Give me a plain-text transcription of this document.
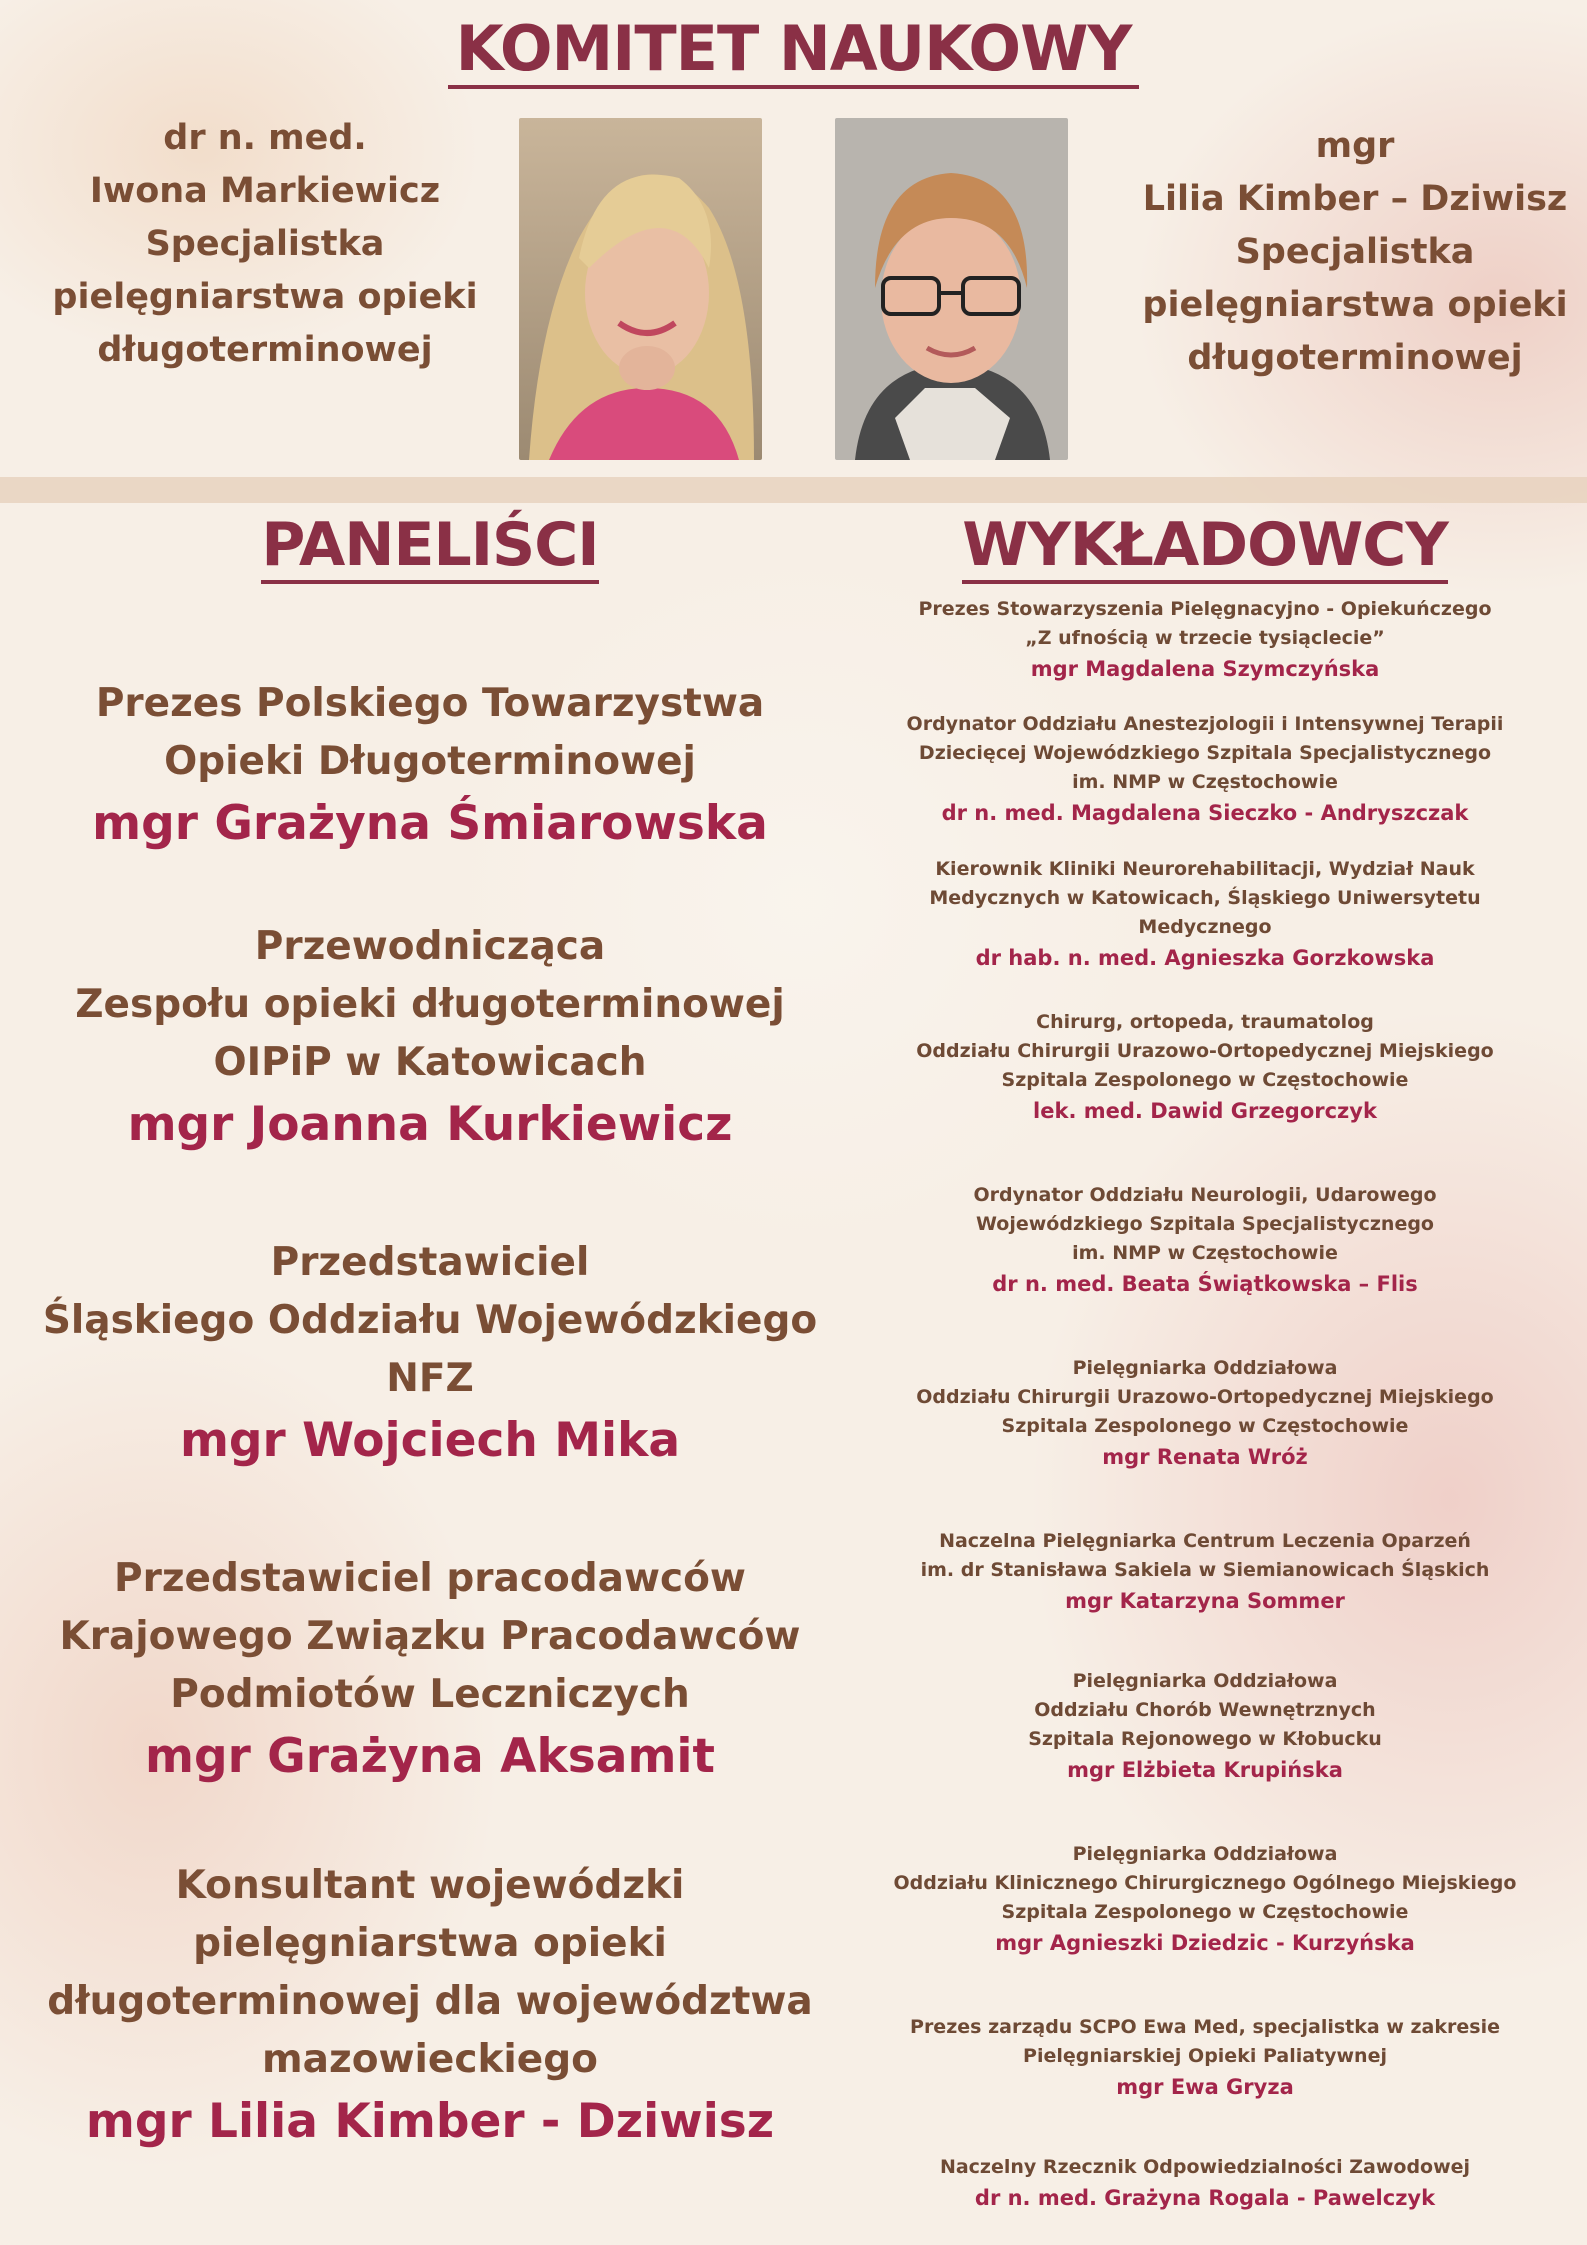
KOMITET NAUKOWY
dr n. med.
Iwona Markiewicz
Specjalistka
pielęgniarstwa opieki
długoterminowej
mgr
Lilia Kimber – Dziwisz
Specjalistka
pielęgniarstwa opieki
długoterminowej
PANELIŚCI	WYKŁADOWCY
Prezes Polskiego Towarzystwa
Opieki Długoterminowej
mgr Grażyna Śmiarowska
Przewodnicząca
Zespołu opieki długoterminowej
OIPiP w Katowicach
mgr Joanna Kurkiewicz
Przedstawiciel
Śląskiego Oddziału Wojewódzkiego
NFZ
mgr Wojciech Mika
Przedstawiciel pracodawców
Krajowego Związku Pracodawców
Podmiotów Leczniczych
mgr Grażyna Aksamit
Konsultant wojewódzki
pielęgniarstwa opieki
długoterminowej dla województwa
mazowieckiego
mgr Lilia Kimber - Dziwisz
Prezes Stowarzyszenia Pielęgnacyjno - Opiekuńczego
„Z ufnością w trzecie tysiąclecie”
mgr Magdalena Szymczyńska
Ordynator Oddziału Anestezjologii i Intensywnej Terapii
Dziecięcej Wojewódzkiego Szpitala Specjalistycznego
im. NMP w Częstochowie
dr n. med. Magdalena Sieczko - Andryszczak
Kierownik Kliniki Neurorehabilitacji, Wydział Nauk
Medycznych w Katowicach, Śląskiego Uniwersytetu
Medycznego
dr hab. n. med. Agnieszka Gorzkowska
Chirurg, ortopeda, traumatolog
Oddziału Chirurgii Urazowo-Ortopedycznej Miejskiego
Szpitala Zespolonego w Częstochowie
lek. med. Dawid Grzegorczyk
Ordynator Oddziału Neurologii, Udarowego
Wojewódzkiego Szpitala Specjalistycznego
im. NMP w Częstochowie
dr n. med. Beata Świątkowska – Flis
Pielęgniarka Oddziałowa
Oddziału Chirurgii Urazowo-Ortopedycznej Miejskiego
Szpitala Zespolonego w Częstochowie
mgr Renata Wróż
Naczelna Pielęgniarka Centrum Leczenia Oparzeń
im. dr Stanisława Sakiela w Siemianowicach Śląskich
mgr Katarzyna Sommer
Pielęgniarka Oddziałowa
Oddziału Chorób Wewnętrznych
Szpitala Rejonowego w Kłobucku
mgr Elżbieta Krupińska
Pielęgniarka Oddziałowa
Oddziału Klinicznego Chirurgicznego Ogólnego Miejskiego
Szpitala Zespolonego w Częstochowie
mgr Agnieszki Dziedzic - Kurzyńska
Prezes zarządu SCPO Ewa Med, specjalistka w zakresie
Pielęgniarskiej Opieki Paliatywnej
mgr Ewa Gryza
Naczelny Rzecznik Odpowiedzialności Zawodowej
dr n. med. Grażyna Rogala - Pawelczyk
